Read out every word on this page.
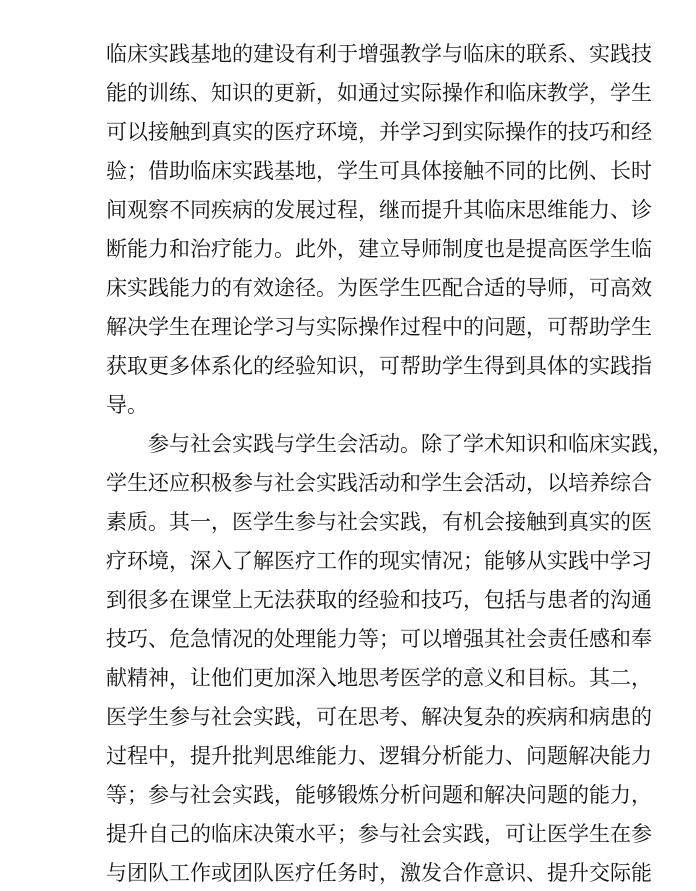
临床实践基地的建设有利于增强教学与临床的联系、实践技
能的训练、知识的更新，如通过实际操作和临床教学，学生
可以接触到真实的医疗环境，并学习到实际操作的技巧和经
验；借助临床实践基地，学生可具体接触不同的比例、长时
间观察不同疾病的发展过程，继而提升其临床思维能力、诊
断能力和治疗能力。此外，建立导师制度也是提高医学生临
床实践能力的有效途径。为医学生匹配合适的导师，可高效
解决学生在理论学习与实际操作过程中的问题，可帮助学生
获取更多体系化的经验知识，可帮助学生得到具体的实践指
导。
参与社会实践与学生会活动。除了学术知识和临床实践，
学生还应积极参与社会实践活动和学生会活动，以培养综合
素质。其一，医学生参与社会实践，有机会接触到真实的医
疗环境，深入了解医疗工作的现实情况；能够从实践中学习
到很多在课堂上无法获取的经验和技巧，包括与患者的沟通
技巧、危急情况的处理能力等；可以增强其社会责任感和奉
献精神，让他们更加深入地思考医学的意义和目标。其二，
医学生参与社会实践，可在思考、解决复杂的疾病和病患的
过程中，提升批判思维能力、逻辑分析能力、问题解决能力
等；参与社会实践，能够锻炼分析问题和解决问题的能力，
提升自己的临床决策水平；参与社会实践，可让医学生在参
与团队工作或团队医疗任务时，激发合作意识、提升交际能
